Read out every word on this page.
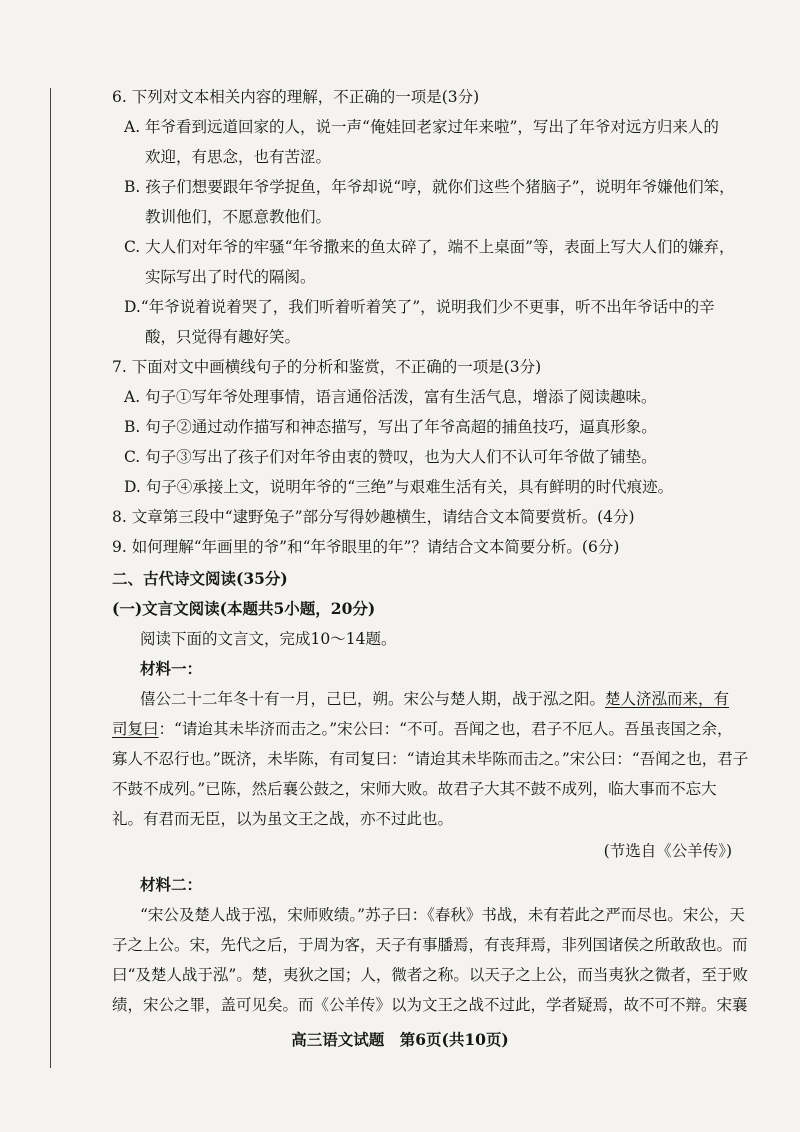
6. 下列对文本相关内容的理解，不正确的一项是(3分)
A. 年爷看到远道回家的人，说一声“俺娃回老家过年来啦”，写出了年爷对远方归来人的
欢迎，有思念，也有苦涩。
B. 孩子们想要跟年爷学捉鱼，年爷却说“哼，就你们这些个猪脑子”，说明年爷嫌他们笨，
教训他们，不愿意教他们。
C. 大人们对年爷的牢骚“年爷撒来的鱼太碎了，端不上桌面”等，表面上写大人们的嫌弃，
实际写出了时代的隔阂。
D.“年爷说着说着哭了，我们听着听着笑了”，说明我们少不更事，听不出年爷话中的辛
酸，只觉得有趣好笑。
7. 下面对文中画横线句子的分析和鉴赏，不正确的一项是(3分)
A. 句子①写年爷处理事情，语言通俗活泼，富有生活气息，增添了阅读趣味。
B. 句子②通过动作描写和神态描写，写出了年爷高超的捕鱼技巧，逼真形象。
C. 句子③写出了孩子们对年爷由衷的赞叹，也为大人们不认可年爷做了铺垫。
D. 句子④承接上文，说明年爷的“三绝”与艰难生活有关，具有鲜明的时代痕迹。
8. 文章第三段中“逮野兔子”部分写得妙趣横生，请结合文本简要赏析。(4分)
9. 如何理解“年画里的爷”和“年爷眼里的年”？请结合文本简要分析。(6分)
二、古代诗文阅读(35分)
(一)文言文阅读(本题共5小题，20分)
阅读下面的文言文，完成10～14题。
材料一：
僖公二十二年冬十有一月，己巳，朔。宋公与楚人期，战于泓之阳。楚人济泓而来，有
司复曰：“请迨其未毕济而击之。”宋公曰：“不可。吾闻之也，君子不厄人。吾虽丧国之余，
寡人不忍行也。”既济，未毕陈，有司复曰：“请迨其未毕陈而击之。”宋公曰：“吾闻之也，君子
不鼓不成列。”已陈，然后襄公鼓之，宋师大败。故君子大其不鼓不成列，临大事而不忘大
礼。有君而无臣，以为虽文王之战，亦不过此也。
(节选自《公羊传》)
材料二：
“宋公及楚人战于泓，宋师败绩。”苏子曰：《春秋》书战，未有若此之严而尽也。宋公，天
子之上公。宋，先代之后，于周为客，天子有事膰焉，有丧拜焉，非列国诸侯之所敢敌也。而
曰“及楚人战于泓”。楚，夷狄之国；人，微者之称。以天子之上公，而当夷狄之微者，至于败
绩，宋公之罪，盖可见矣。而《公羊传》以为文王之战不过此，学者疑焉，故不可不辩。宋襄
高三语文试题　第6页(共10页)
